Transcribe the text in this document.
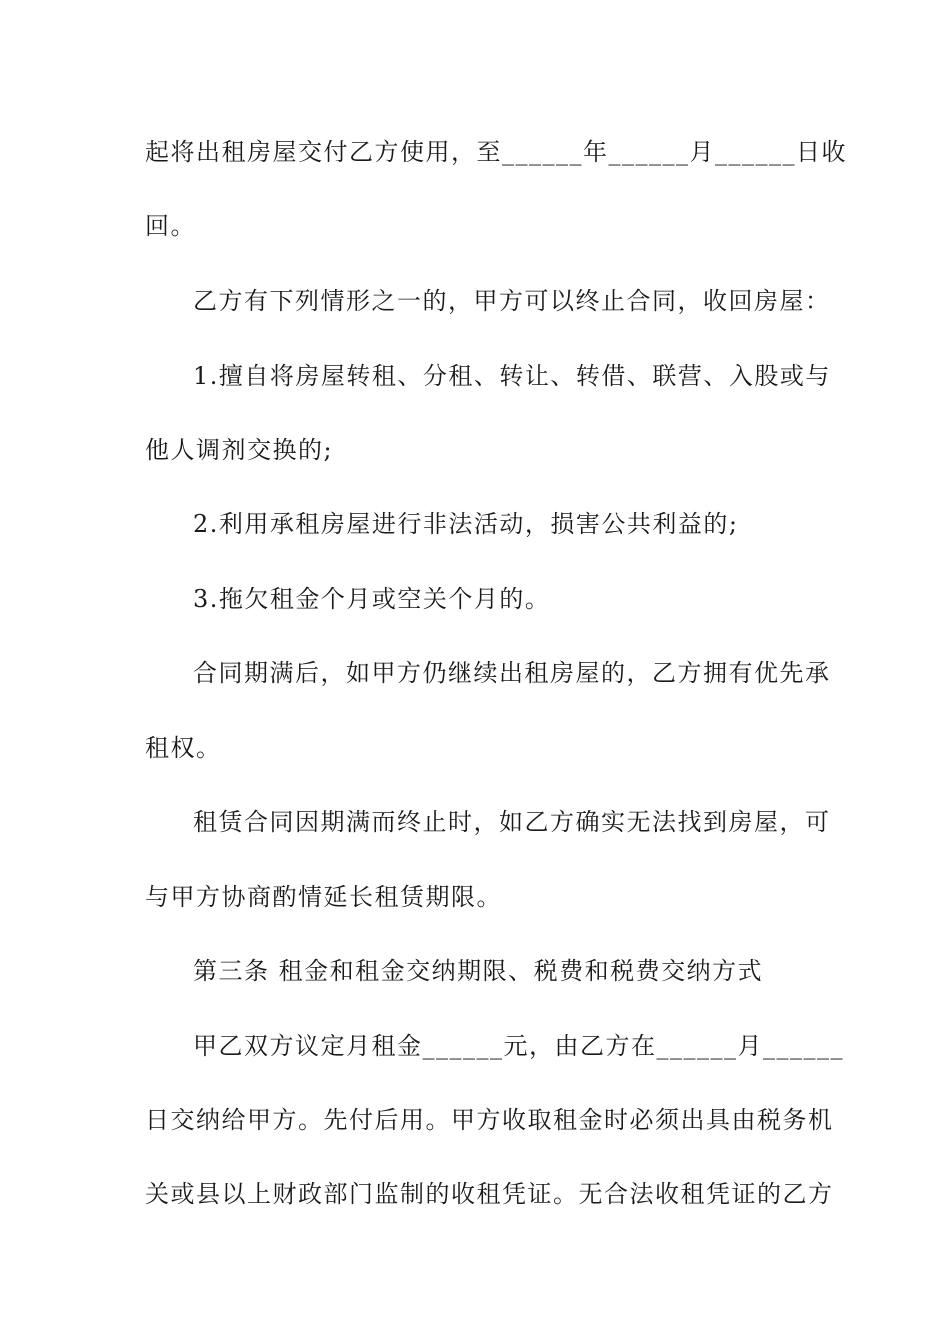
起将出租房屋交付乙方使用，至______年______月______日收
回。
乙方有下列情形之一的，甲方可以终止合同，收回房屋：
1.擅自将房屋转租、分租、转让、转借、联营、入股或与
他人调剂交换的;
2.利用承租房屋进行非法活动，损害公共利益的;
3.拖欠租金个月或空关个月的。
合同期满后，如甲方仍继续出租房屋的，乙方拥有优先承
租权。
租赁合同因期满而终止时，如乙方确实无法找到房屋，可
与甲方协商酌情延长租赁期限。
第三条 租金和租金交纳期限、税费和税费交纳方式
甲乙双方议定月租金______元，由乙方在______月______
日交纳给甲方。先付后用。甲方收取租金时必须出具由税务机
关或县以上财政部门监制的收租凭证。无合法收租凭证的乙方
